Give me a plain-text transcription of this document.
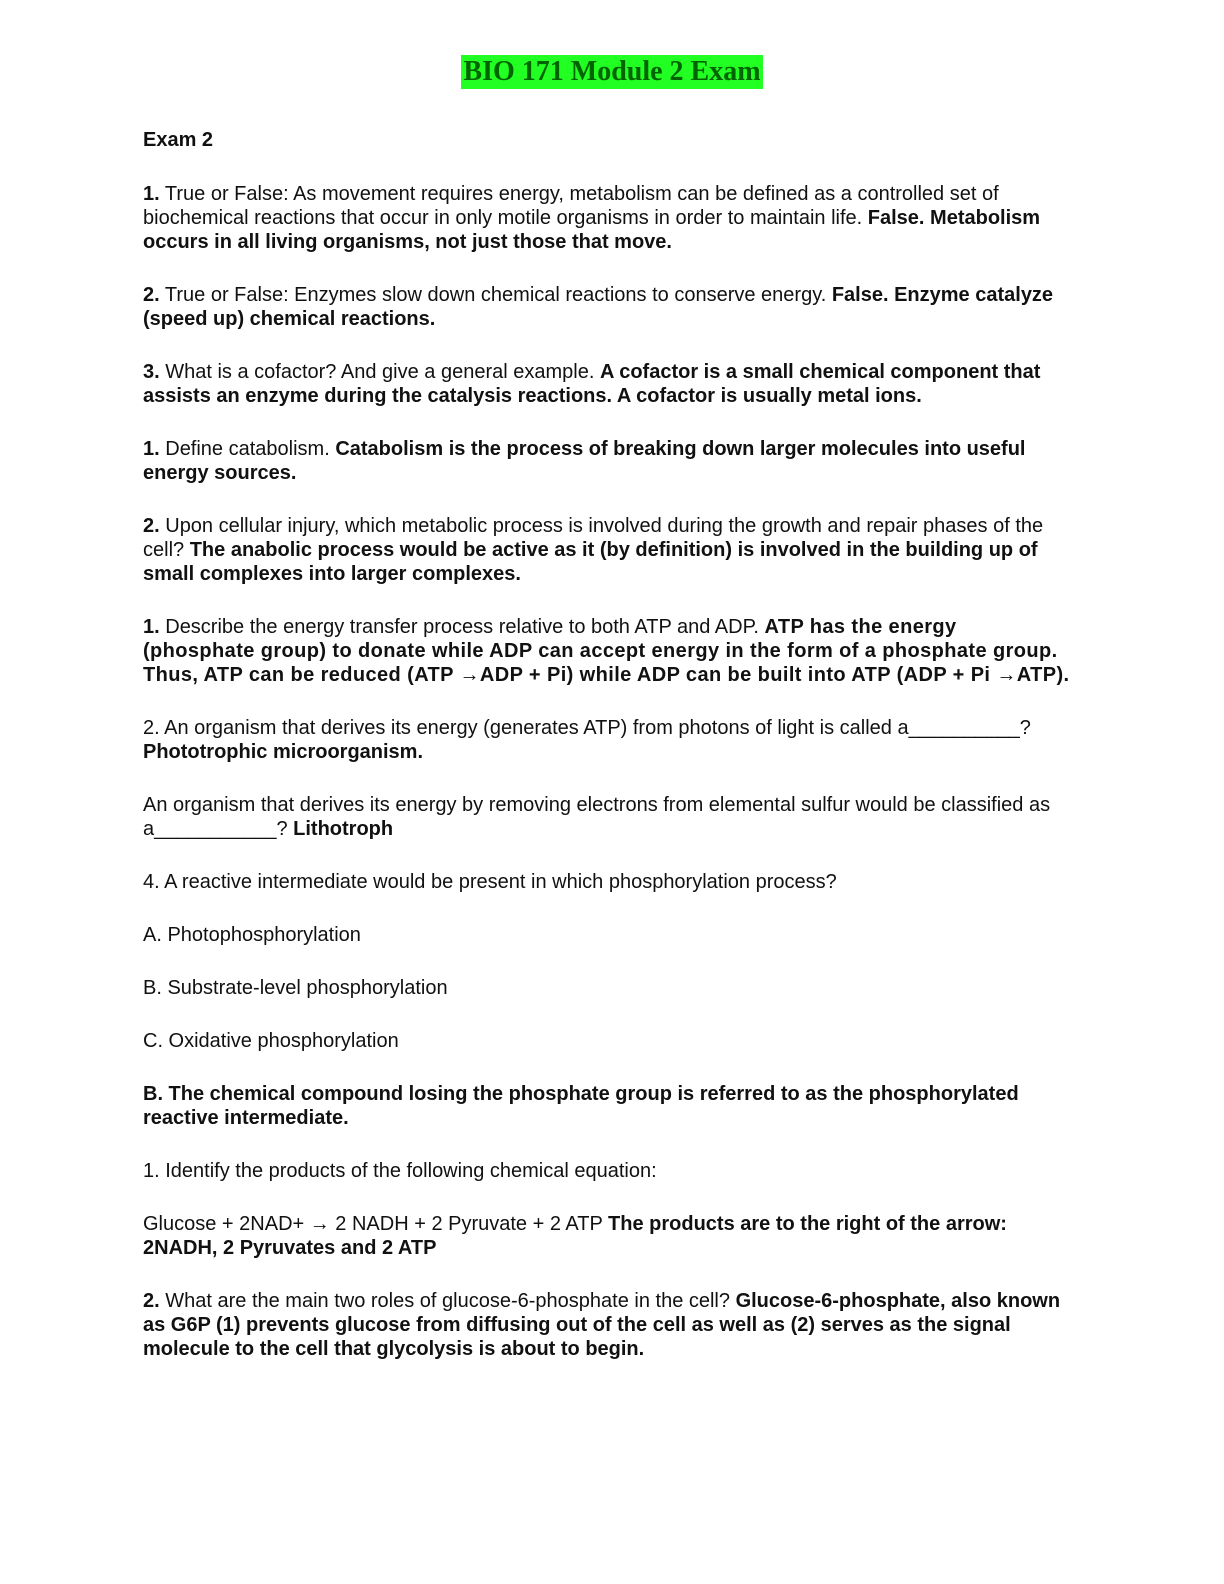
BIO 171 Module 2 Exam

Exam 2

1. True or False: As movement requires energy, metabolism can be defined as a controlled set of biochemical reactions that occur in only motile organisms in order to maintain life. False. Metabolism occurs in all living organisms, not just those that move.

2. True or False: Enzymes slow down chemical reactions to conserve energy. False. Enzyme catalyze (speed up) chemical reactions.

3. What is a cofactor? And give a general example. A cofactor is a small chemical component that assists an enzyme during the catalysis reactions. A cofactor is usually metal ions.

1. Define catabolism. Catabolism is the process of breaking down larger molecules into useful energy sources.

2. Upon cellular injury, which metabolic process is involved during the growth and repair phases of the cell? The anabolic process would be active as it (by definition) is involved in the building up of small complexes into larger complexes.

1. Describe the energy transfer process relative to both ATP and ADP. ATP has the energy (phosphate group) to donate while ADP can accept energy in the form of a phosphate group. Thus, ATP can be reduced (ATP →ADP + Pi) while ADP can be built into ATP (ADP + Pi →ATP).

2. An organism that derives its energy (generates ATP) from photons of light is called a__________? Phototrophic microorganism.

An organism that derives its energy by removing electrons from elemental sulfur would be classified as a___________? Lithotroph

4. A reactive intermediate would be present in which phosphorylation process?

A. Photophosphorylation

B. Substrate-level phosphorylation

C. Oxidative phosphorylation

B. The chemical compound losing the phosphate group is referred to as the phosphorylated reactive intermediate.

1. Identify the products of the following chemical equation:

Glucose + 2NAD+ → 2 NADH + 2 Pyruvate + 2 ATP The products are to the right of the arrow: 2NADH, 2 Pyruvates and 2 ATP

2. What are the main two roles of glucose-6-phosphate in the cell? Glucose-6-phosphate, also known as G6P (1) prevents glucose from diffusing out of the cell as well as (2) serves as the signal molecule to the cell that glycolysis is about to begin.
